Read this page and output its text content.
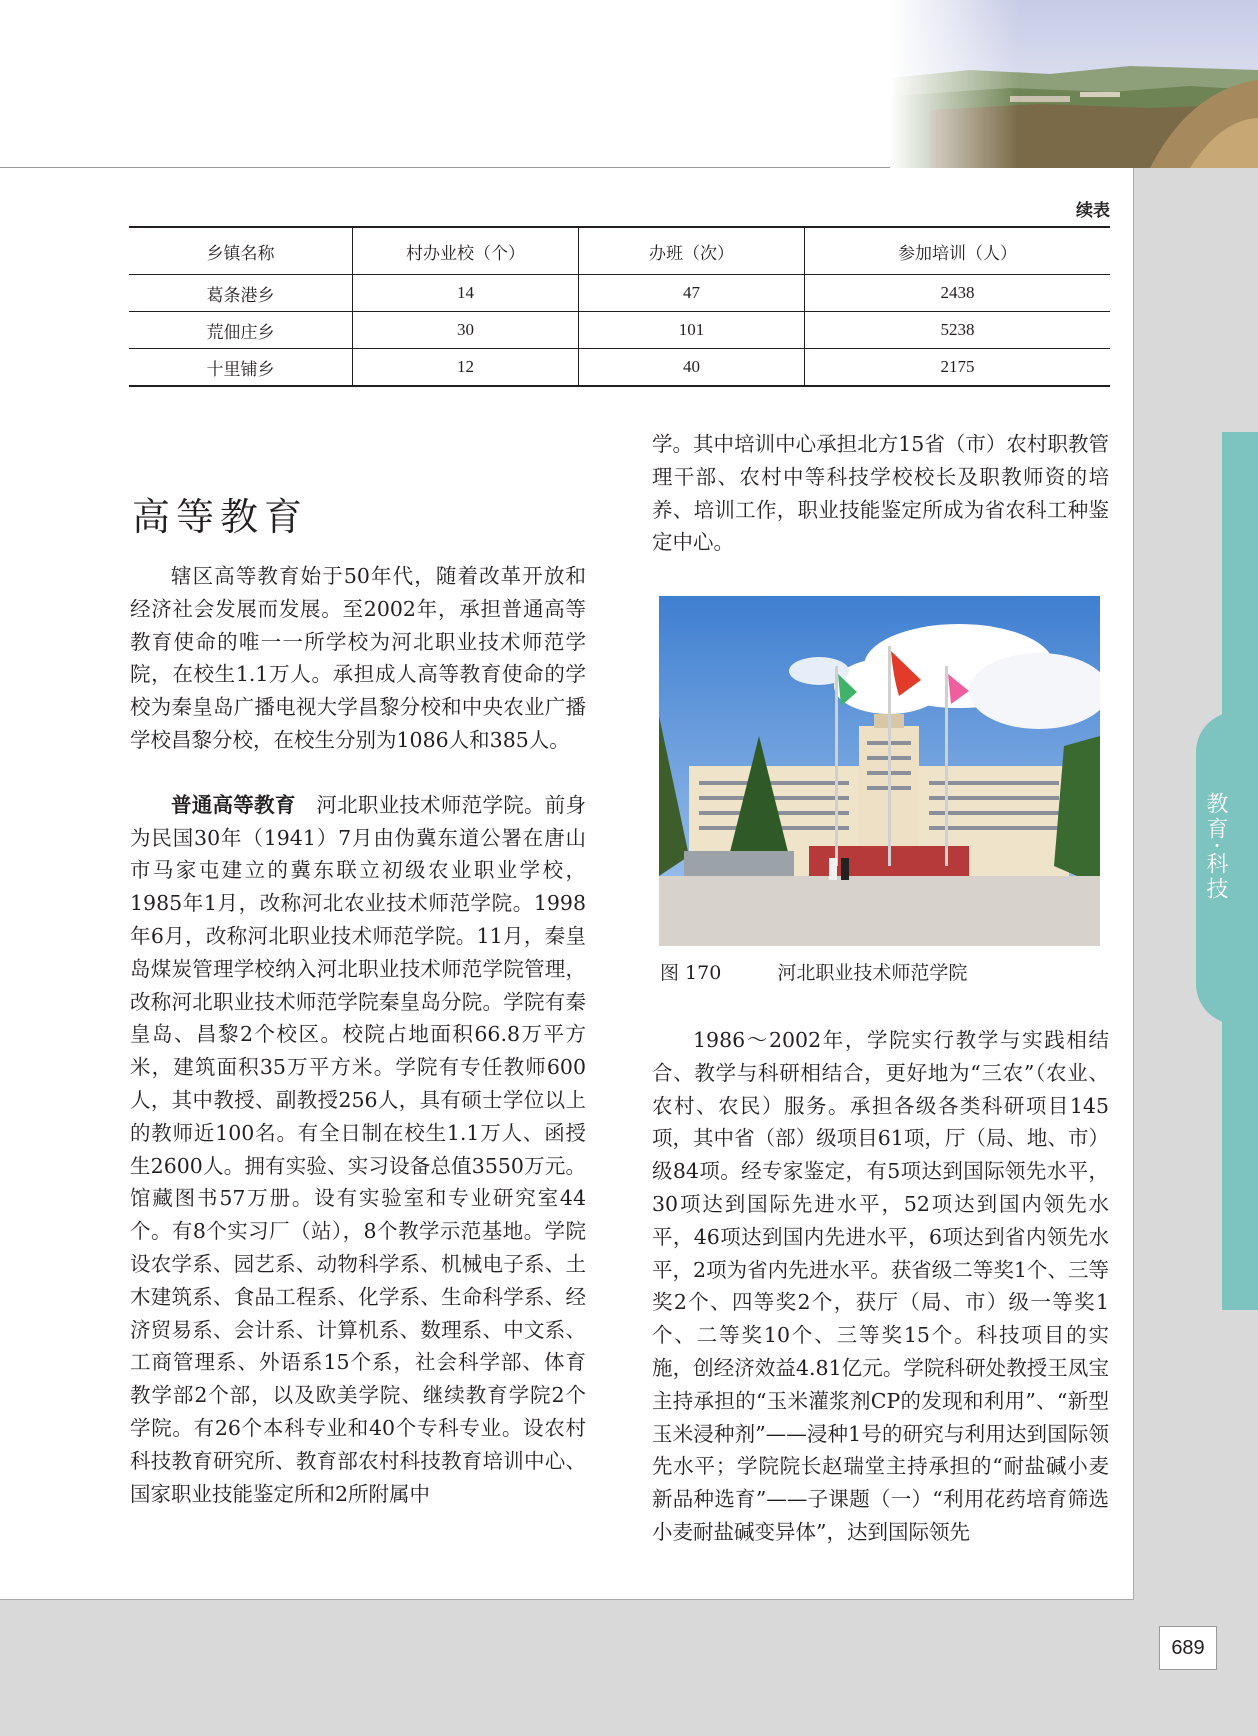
续表
乡镇名称	村办业校（个）	办班（次）	参加培训（人）
葛条港乡	14	47	2438
荒佃庄乡	30	101	5238
十里铺乡	12	40	2175
高等教育

辖区高等教育始于50年代，随着改革开放和经济社会发展而发展。至2002年，承担普通高等教育使命的唯一一所学校为河北职业技术师范学院，在校生1.1万人。承担成人高等教育使命的学校为秦皇岛广播电视大学昌黎分校和中央农业广播学校昌黎分校，在校生分别为1086人和385人。

普通高等教育　河北职业技术师范学院。前身为民国30年（1941）7月由伪冀东道公署在唐山市马家屯建立的冀东联立初级农业职业学校，1985年1月，改称河北农业技术师范学院。1998年6月，改称河北职业技术师范学院。11月，秦皇岛煤炭管理学校纳入河北职业技术师范学院管理，改称河北职业技术师范学院秦皇岛分院。学院有秦皇岛、昌黎2个校区。校院占地面积66.8万平方米，建筑面积35万平方米。学院有专任教师600人，其中教授、副教授256人，具有硕士学位以上的教师近100名。有全日制在校生1.1万人、函授生2600人。拥有实验、实习设备总值3550万元。馆藏图书57万册。设有实验室和专业研究室44个。有8个实习厂（站），8个教学示范基地。学院设农学系、园艺系、动物科学系、机械电子系、土木建筑系、食品工程系、化学系、生命科学系、经济贸易系、会计系、计算机系、数理系、中文系、工商管理系、外语系15个系，社会科学部、体育教学部2个部，以及欧美学院、继续教育学院2个学院。有26个本科专业和40个专科专业。设农村科技教育研究所、教育部农村科技教育培训中心、国家职业技能鉴定所和2所附属中

学。其中培训中心承担北方15省（市）农村职教管理干部、农村中等科技学校校长及职教师资的培养、培训工作，职业技能鉴定所成为省农科工种鉴定中心。

图 170	河北职业技术师范学院

1986～2002年，学院实行教学与实践相结合、教学与科研相结合，更好地为“三农”（农业、农村、农民）服务。承担各级各类科研项目145项，其中省（部）级项目61项，厅（局、地、市）级84项。经专家鉴定，有5项达到国际领先水平，30项达到国际先进水平，52项达到国内领先水平，46项达到国内先进水平，6项达到省内领先水平，2项为省内先进水平。获省级二等奖1个、三等奖2个、四等奖2个，获厅（局、市）级一等奖1个、二等奖10个、三等奖15个。科技项目的实施，创经济效益4.81亿元。学院科研处教授王凤宝主持承担的“玉米灌浆剂CP的发现和利用”、“新型玉米浸种剂”——浸种1号的研究与利用达到国际领先水平；学院院长赵瑞堂主持承担的“耐盐碱小麦新品种选育”——子课题（一）“利用花药培育筛选小麦耐盐碱变异体”，达到国际领先

教育·科技
689
